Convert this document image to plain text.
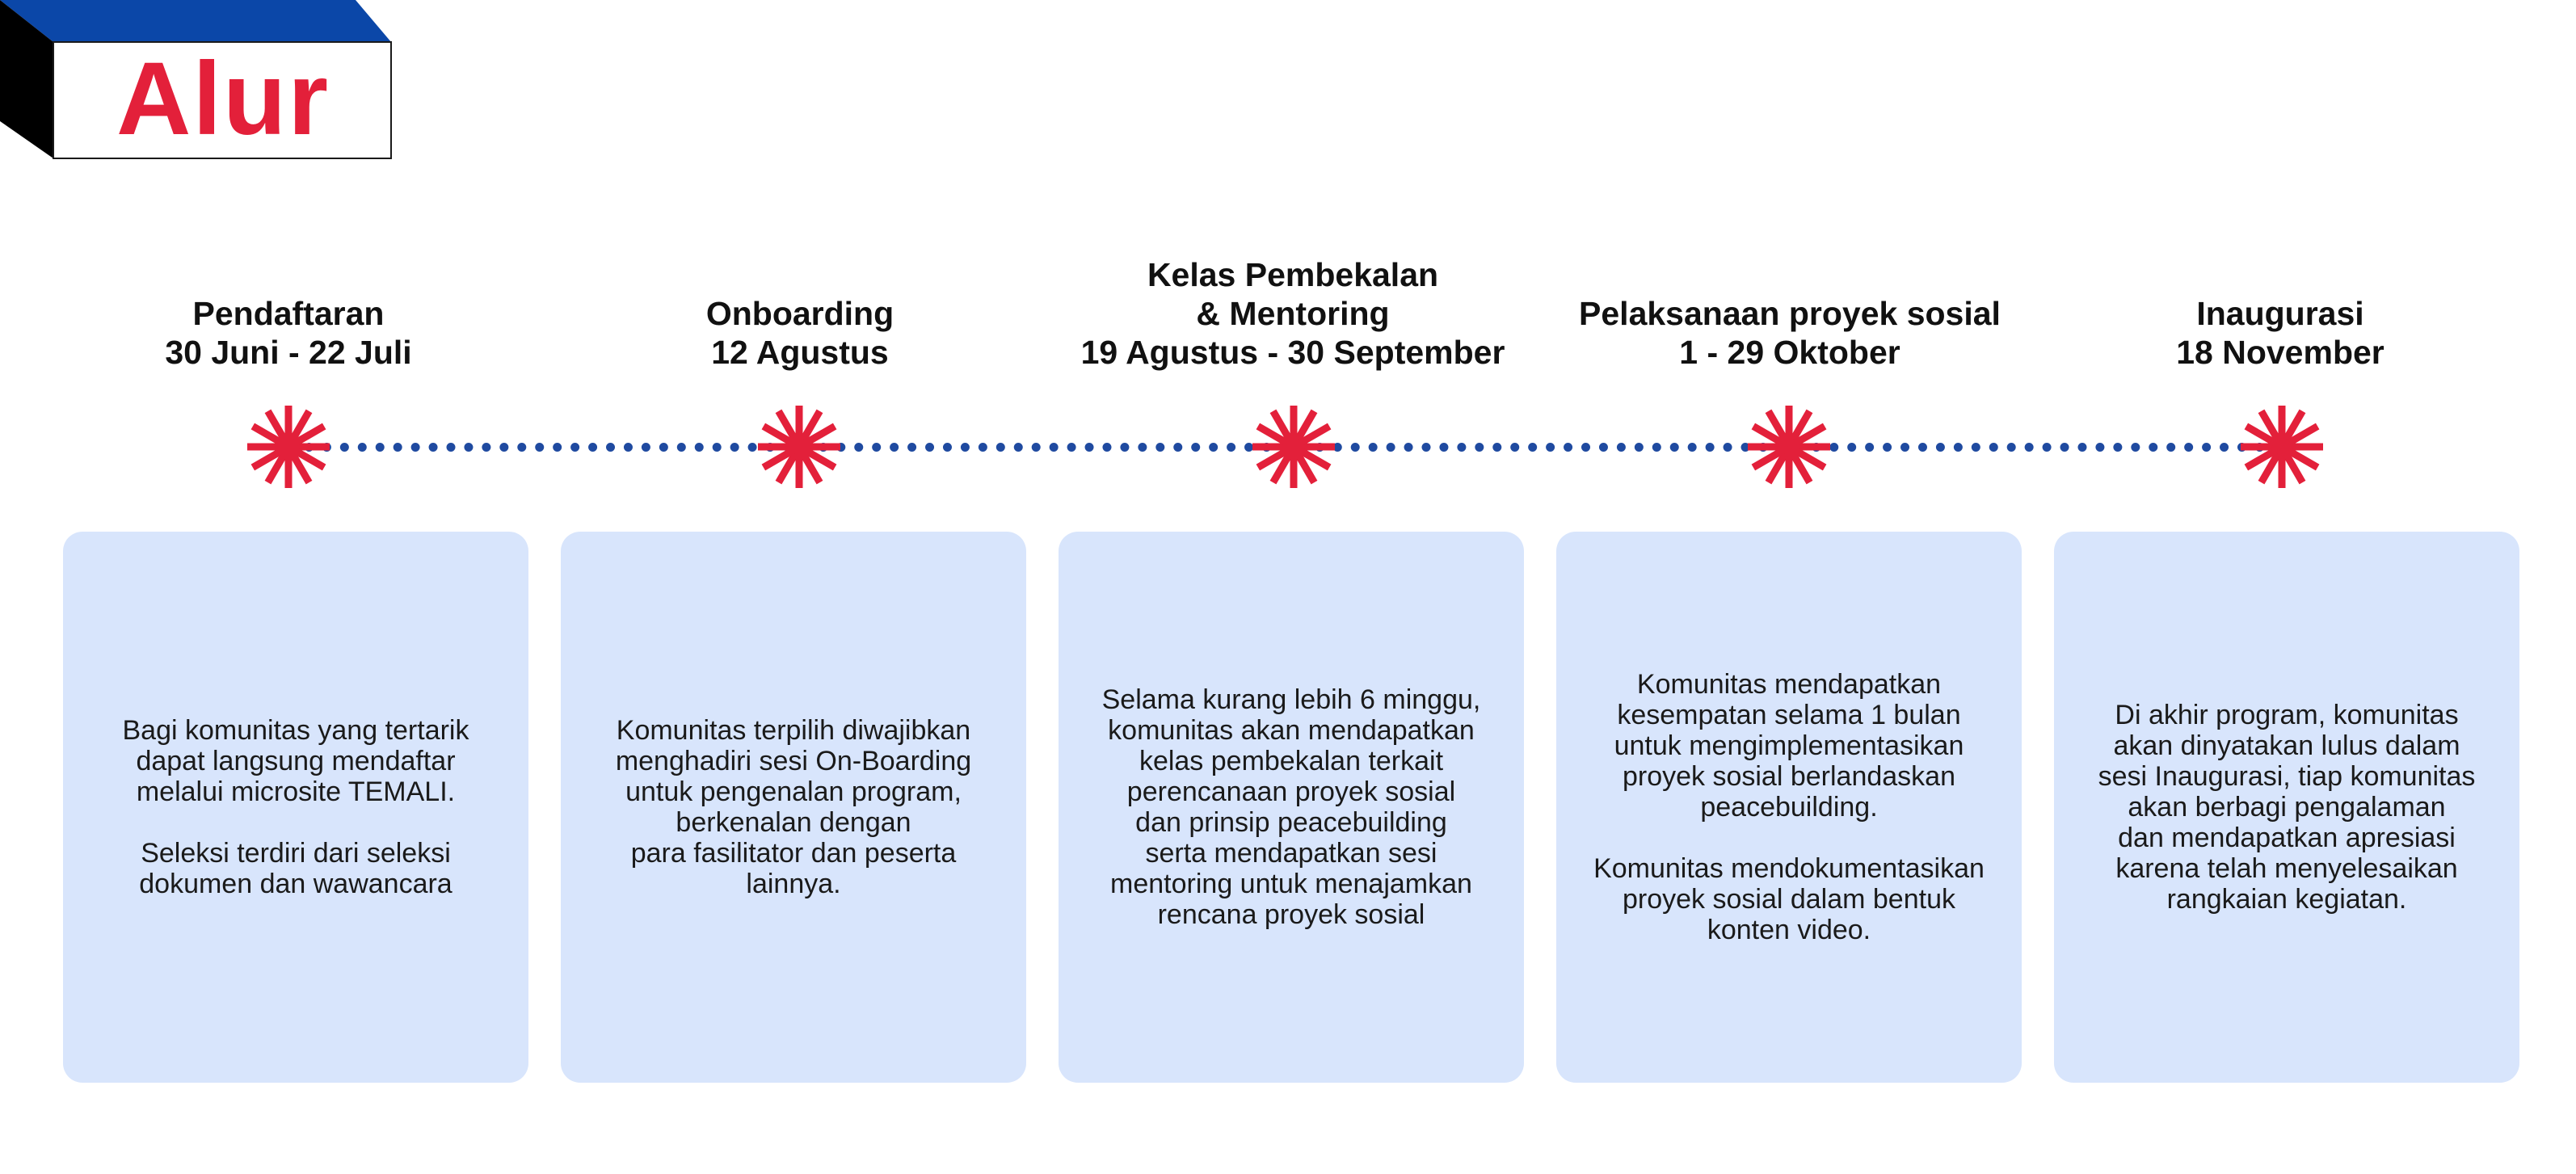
Alur
Pendaftaran
30 Juni - 22 Juli

Bagi komunitas yang tertarik

dapat langsung mendaftar

melalui microsite TEMALI.

Seleksi terdiri dari seleksi

dokumen dan wawancara

Onboarding
12 Agustus

Komunitas terpilih diwajibkan

menghadiri sesi On-Boarding

untuk pengenalan program,

berkenalan dengan

para fasilitator dan peserta

lainnya.

Kelas Pembekalan
& Mentoring
19 Agustus - 30 September

Selama kurang lebih 6 minggu,

komunitas akan mendapatkan

kelas pembekalan terkait

perencanaan proyek sosial

dan prinsip peacebuilding

serta mendapatkan sesi

mentoring untuk menajamkan

rencana proyek sosial

Pelaksanaan proyek sosial
1 - 29 Oktober

Komunitas mendapatkan

kesempatan selama 1 bulan

untuk mengimplementasikan

proyek sosial berlandaskan

peacebuilding.

Komunitas mendokumentasikan

proyek sosial dalam bentuk

konten video.

Inaugurasi
18 November

Di akhir program, komunitas

akan dinyatakan lulus dalam

sesi Inaugurasi, tiap komunitas

akan berbagi pengalaman

dan mendapatkan apresiasi

karena telah menyelesaikan

rangkaian kegiatan.
